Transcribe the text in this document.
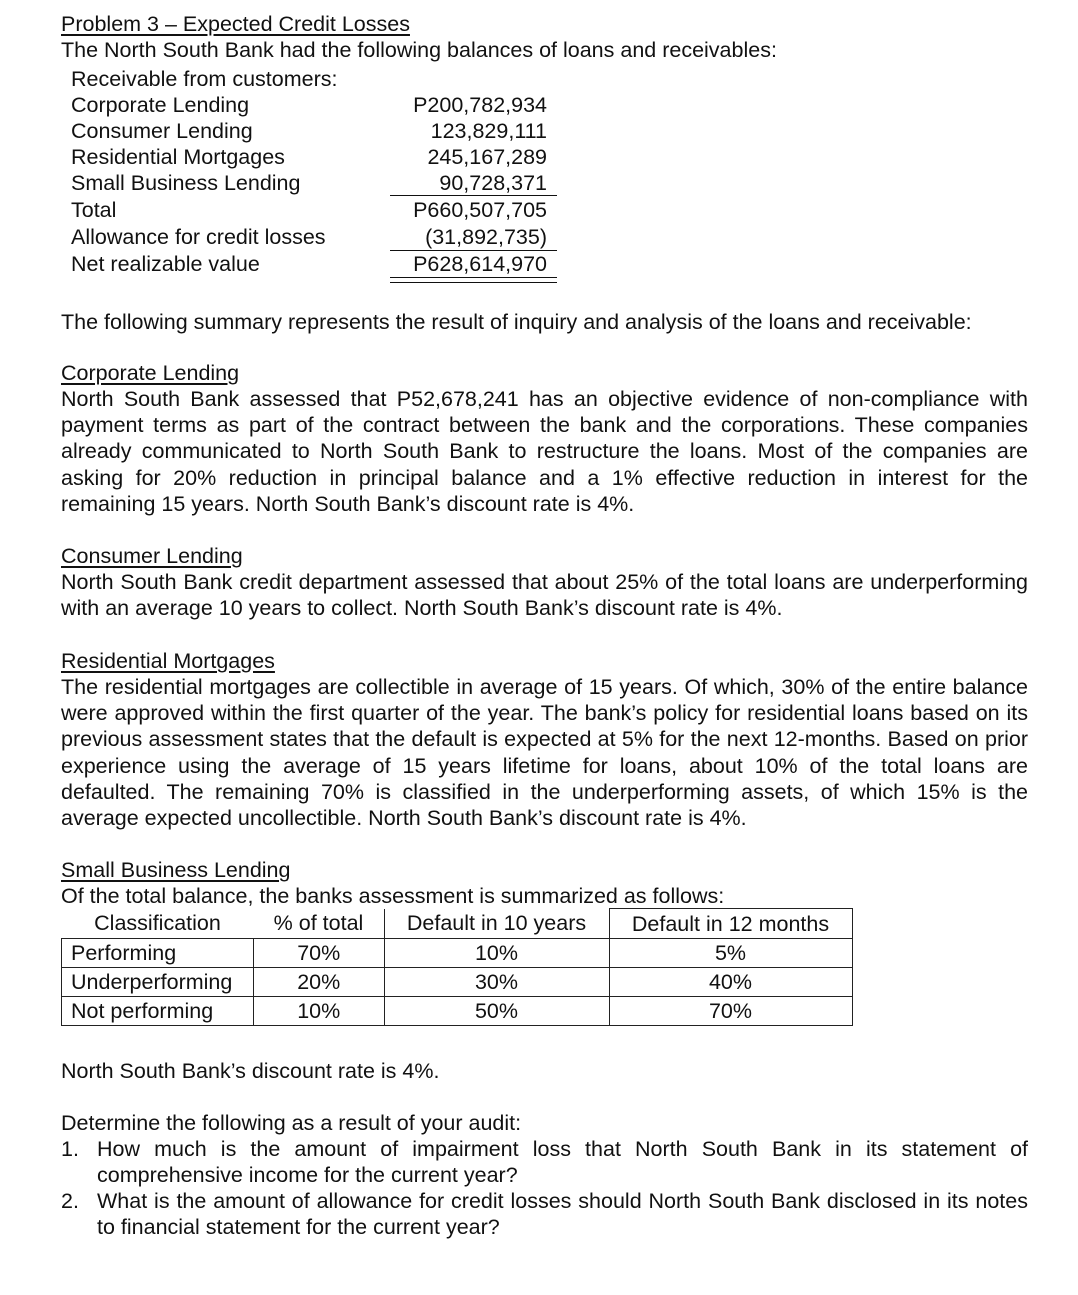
Problem 3 – Expected Credit Losses
The North South Bank had the following balances of loans and receivables:
Receivable from customers:
Corporate Lending	P200,782,934
Consumer Lending	123,829,111
Residential Mortgages	245,167,289
Small Business Lending	90,728,371
Total	P660,507,705
Allowance for credit losses	(31,892,735)
Net realizable value	P628,614,970
The following summary represents the result of inquiry and analysis of the loans and receivable:
Corporate Lending
North South Bank assessed that P52,678,241 has an objective evidence of non-compliance with payment terms as part of the contract between the bank and the corporations. These companies already communicated to North South Bank to restructure the loans. Most of the companies are asking for 20% reduction in principal balance and a 1% effective reduction in interest for the remaining 15 years. North South Bank’s discount rate is 4%.
Consumer Lending
North South Bank credit department assessed that about 25% of the total loans are underperforming with an average 10 years to collect. North South Bank’s discount rate is 4%.
Residential Mortgages
The residential mortgages are collectible in average of 15 years. Of which, 30% of the entire balance were approved within the first quarter of the year. The bank’s policy for residential loans based on its previous assessment states that the default is expected at 5% for the next 12-months. Based on prior experience using the average of 15 years lifetime for loans, about 10% of the total loans are defaulted. The remaining 70% is classified in the underperforming assets, of which 15% is the average expected uncollectible. North South Bank’s discount rate is 4%.
Small Business Lending
Of the total balance, the banks assessment is summarized as follows:
Classification	% of total	Default in 10 years	Default in 12 months
Performing	70%	10%	5%
Underperforming	20%	30%	40%
Not performing	10%	50%	70%
North South Bank’s discount rate is 4%.
Determine the following as a result of your audit:
1. How much is the amount of impairment loss that North South Bank in its statement of comprehensive income for the current year?
2. What is the amount of allowance for credit losses should North South Bank disclosed in its notes to financial statement for the current year?
